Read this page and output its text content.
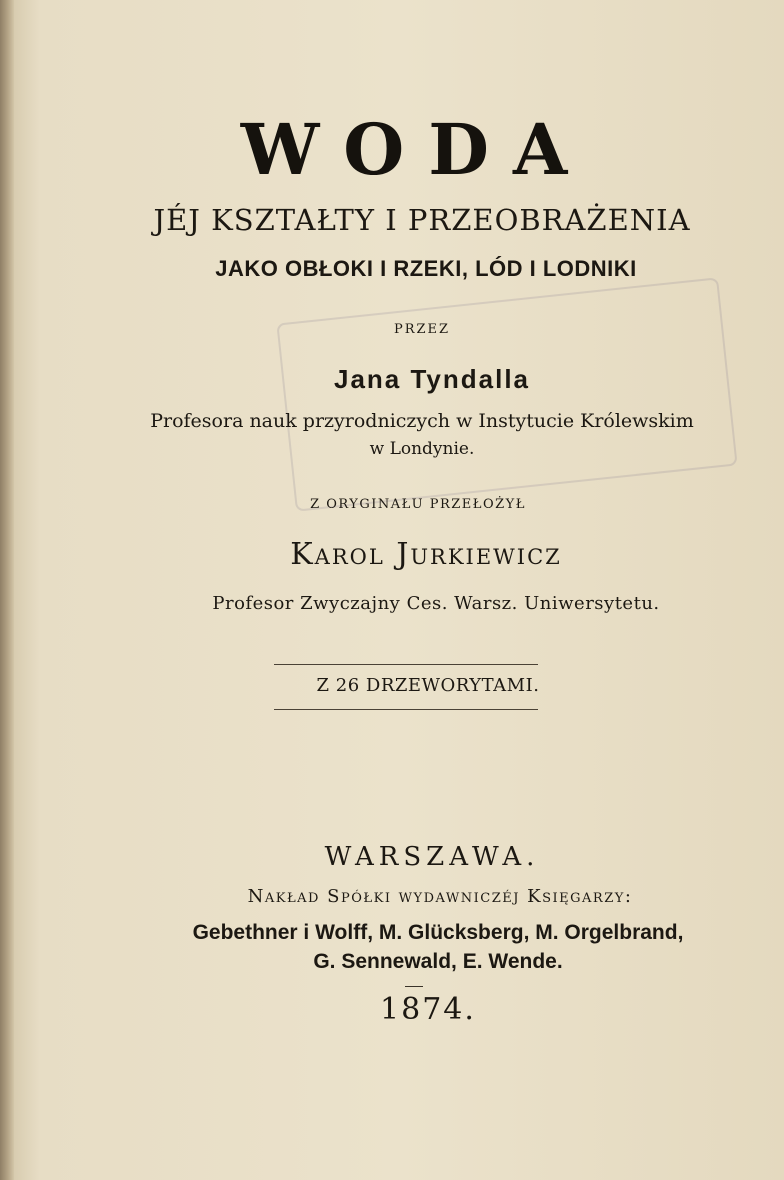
WODA
JÉJ KSZTAŁTY I PRZEOBRAŻENIA
JAKO OBŁOKI I RZEKI, LÓD I LODNIKI
PRZEZ
Jana Tyndalla
Profesora nauk przyrodniczych w Instytucie Królewskim
w Londynie.
Z ORYGINAŁU PRZEŁOŻYŁ
Karol Jurkiewicz
Profesor Zwyczajny Ces. Warsz. Uniwersytetu.
Z 26 DRZEWORYTAMI.
WARSZAWA.
Nakład Spółki wydawniczéj Księgarzy:
Gebethner i Wolff, M. Glücksberg, M. Orgelbrand,
G. Sennewald, E. Wende.
1874.
